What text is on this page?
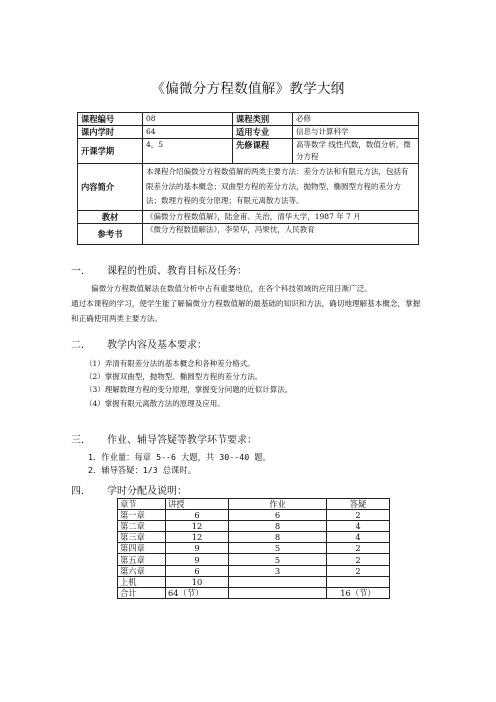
《偏微分方程数值解》教学大纲
课程编号	08	课程类别	必修
课内学时	64	适用专业	信息与计算科学
开课学期	4，5	先修课程	高等数学 线性代数，数值分析，微分方程
内容简介	本课程介绍偏微分方程数值解的两类主要方法：差分方法和有限元方法，包括有限差分法的基本概念；双曲型方程的差分方法，抛物型、椭圆型方程的差分方法；数理方程的变分原理；有限元离散方法等。		
教材	《偏微分方程数值解》，陆金甫、关治，清华大学，1987 年 7 月		
参考书	《微分方程数值解法》，李荣华，冯果忱，人民教育		
一． 课程的性质、教育目标及任务：

偏微分方程数值解法在数值分析中占有重要地位，在各个科技领域的应用日渐广泛。

通过本课程的学习，使学生能了解偏微分方程数值解的最基础的知识和方法，确切地理解基本概念，掌握和正确使用两类主要方法。

二． 教学内容及基本要求：
（1）弄清有限差分法的基本概念和各种差分格式。
（2）掌握双曲型，抛物型、椭圆型方程的差分方法。
（3）理解数理方程的变分原理，掌握变分问题的近似计算法。
（4）掌握有限元离散方法的原理及应用。
三． 作业、辅导答疑等教学环节要求：
1．作业量：每章 5--6 大题，共 30--40 题。
2．辅导答疑：1/3 总课时。
四． 学时分配及说明：
章节	讲授	作业	答疑
第一章	6	6	2
第二章	12	8	4
第三章	12	8	4
第四章	9	5	2
第五章	9	5	2
第六章	6	3	2
上机	10		
合计	64（节）		16（节）
